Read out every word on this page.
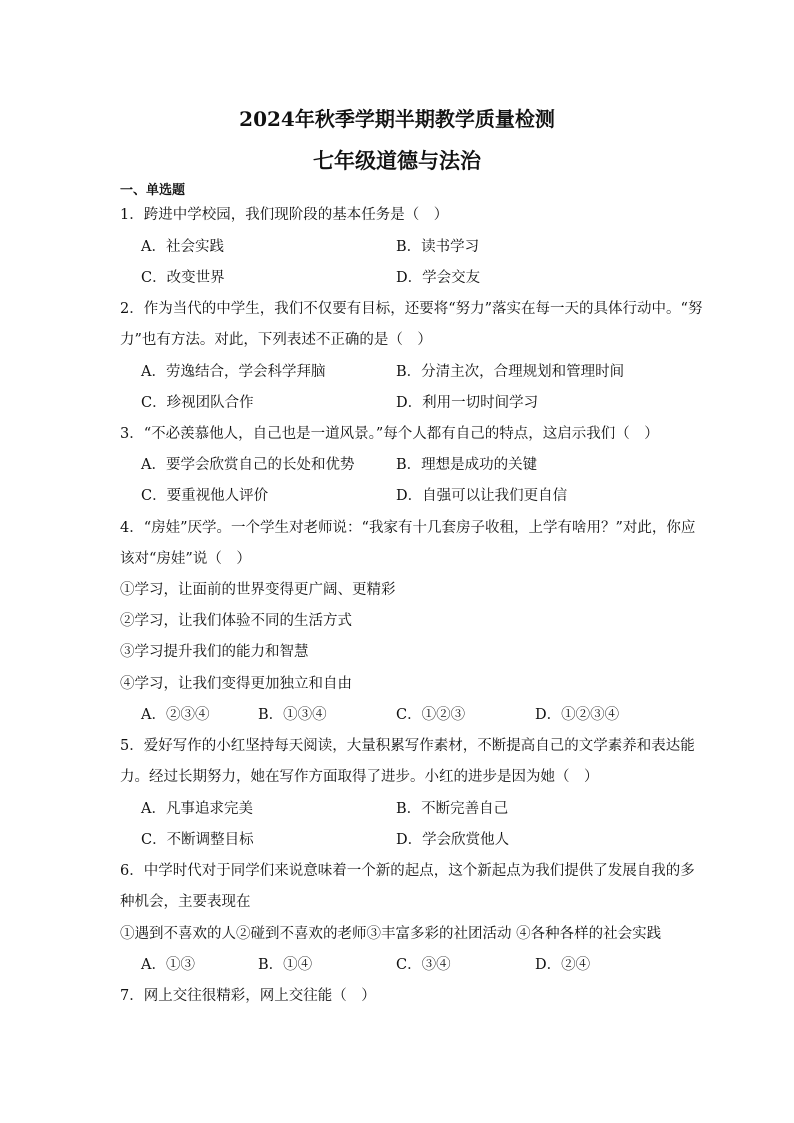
2024年秋季学期半期教学质量检测
七年级道德与法治
一、单选题
1．跨进中学校园，我们现阶段的基本任务是（　）
A．社会实践	B．读书学习
C．改变世界	D．学会交友
2．作为当代的中学生，我们不仅要有目标，还要将“努力”落实在每一天的具体行动中。“努
力”也有方法。对此，下列表述不正确的是（　）
A．劳逸结合，学会科学拜脑	B．分清主次，合理规划和管理时间
C．珍视团队合作	D．利用一切时间学习
3．“不必羡慕他人，自己也是一道风景。”每个人都有自己的特点，这启示我们（　）
A．要学会欣赏自己的长处和优势	B．理想是成功的关键
C．要重视他人评价	D．自强可以让我们更自信
4．“房娃”厌学。一个学生对老师说：“我家有十几套房子收租，上学有啥用？”对此，你应
该对“房娃”说（　）
①学习，让面前的世界变得更广阔、更精彩
②学习，让我们体验不同的生活方式
③学习提升我们的能力和智慧
④学习，让我们变得更加独立和自由
A．②③④	B．①③④	C．①②③	D．①②③④
5．爱好写作的小红坚持每天阅读，大量积累写作素材，不断提高自己的文学素养和表达能
力。经过长期努力，她在写作方面取得了进步。小红的进步是因为她（　）
A．凡事追求完美	B．不断完善自己
C．不断调整目标	D．学会欣赏他人
6．中学时代对于同学们来说意味着一个新的起点，这个新起点为我们提供了发展自我的多
种机会，主要表现在
①遇到不喜欢的人②碰到不喜欢的老师③丰富多彩的社团活动 ④各种各样的社会实践
A．①③	B．①④	C．③④	D．②④
7．网上交往很精彩，网上交往能（　）
